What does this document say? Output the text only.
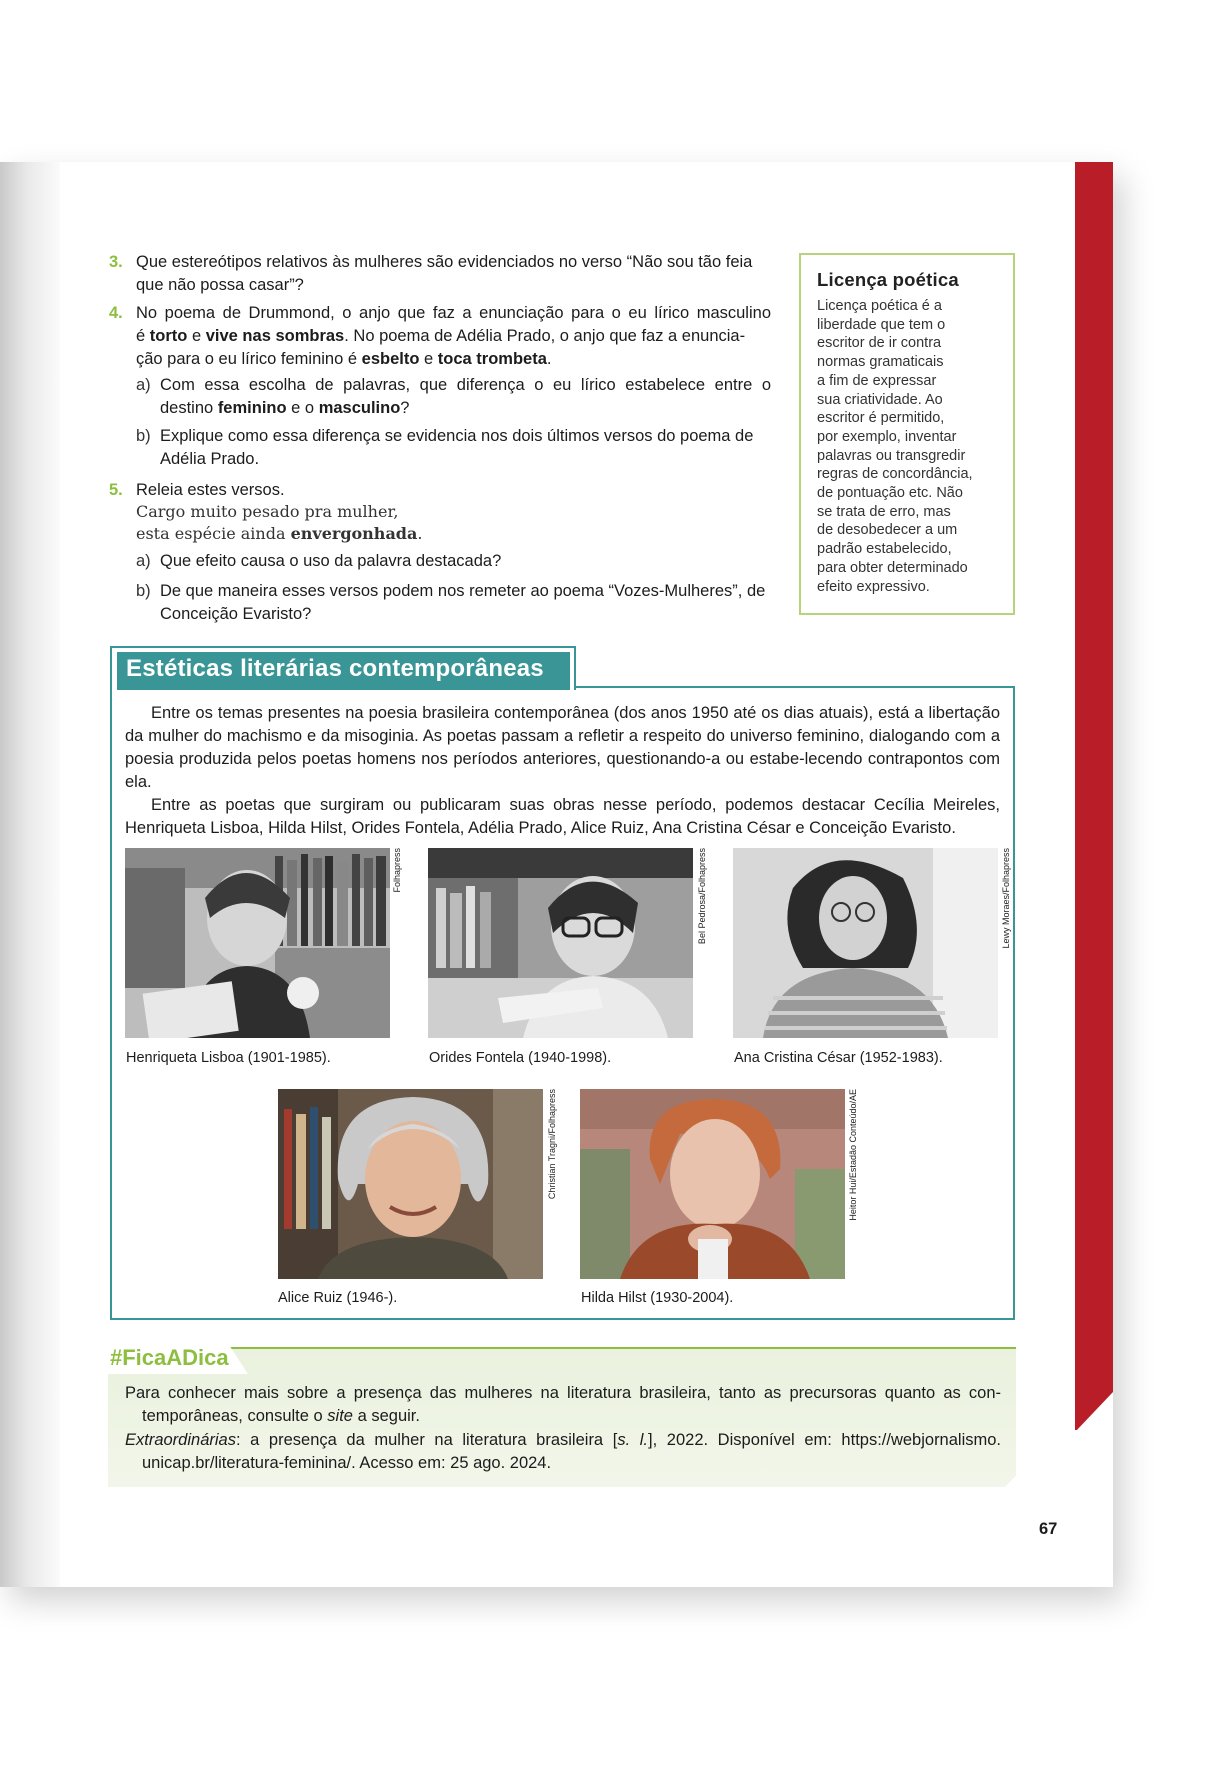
3. Que estereótipos relativos às mulheres são evidenciados no verso “Não sou tão feia que não possa casar”?
4. No poema de Drummond, o anjo que faz a enunciação para o eu lírico masculino
é torto e vive nas sombras. No poema de Adélia Prado, o anjo que faz a enuncia-
ção para o eu lírico feminino é esbelto e toca trombeta.
a) Com essa escolha de palavras, que diferença o eu lírico estabelece entre o
destino feminino e o masculino?
b) Explique como essa diferença se evidencia nos dois últimos versos do poema de Adélia Prado.
5. Releia estes versos.
Cargo muito pesado pra mulher,
esta espécie ainda envergonhada.
a) Que efeito causa o uso da palavra destacada?
b) De que maneira esses versos podem nos remeter ao poema “Vozes-Mulheres”, de Conceição Evaristo?
Licença poética

Licença poética é a
liberdade que tem o
escritor de ir contra
normas gramaticais
a fim de expressar
sua criatividade. Ao
escritor é permitido,
por exemplo, inventar
palavras ou transgredir
regras de concordância,
de pontuação etc. Não
se trata de erro, mas
de desobedecer a um
padrão estabelecido,
para obter determinado
efeito expressivo.

Estéticas literárias contemporâneas
Entre os temas presentes na poesia brasileira contemporânea (dos anos 1950 até os dias atuais), está a libertação da mulher do machismo e da misoginia. As poetas passam a refletir a respeito do universo feminino, dialogando com a poesia produzida pelos poetas homens nos períodos anteriores, questionando-a ou estabe-lecendo contrapontos com ela.
Entre as poetas que surgiram ou publicaram suas obras nesse período, podemos destacar Cecília Meireles, Henriqueta Lisboa, Hilda Hilst, Orides Fontela, Adélia Prado, Alice Ruiz, Ana Cristina César e Conceição Evaristo.
Folhapress
Henriqueta Lisboa (1901-1985).
Bel Pedrosa/Folhapress
Orides Fontela (1940-1998).
Lewy Moraes/Folhapress
Ana Cristina César (1952-1983).
Christian Tragni/Folhapress
Alice Ruiz (1946-).
Heitor Hui/Estadão Conteúdo/AE
Hilda Hilst (1930-2004).
#FicaADica
Para conhecer mais sobre a presença das mulheres na literatura brasileira, tanto as precursoras quanto as con-
temporâneas, consulte o site a seguir.
Extraordinárias: a presença da mulher na literatura brasileira [s. l.], 2022. Disponível em: https://webjornalismo.
unicap.br/literatura-feminina/. Acesso em: 25 ago. 2024.
67
